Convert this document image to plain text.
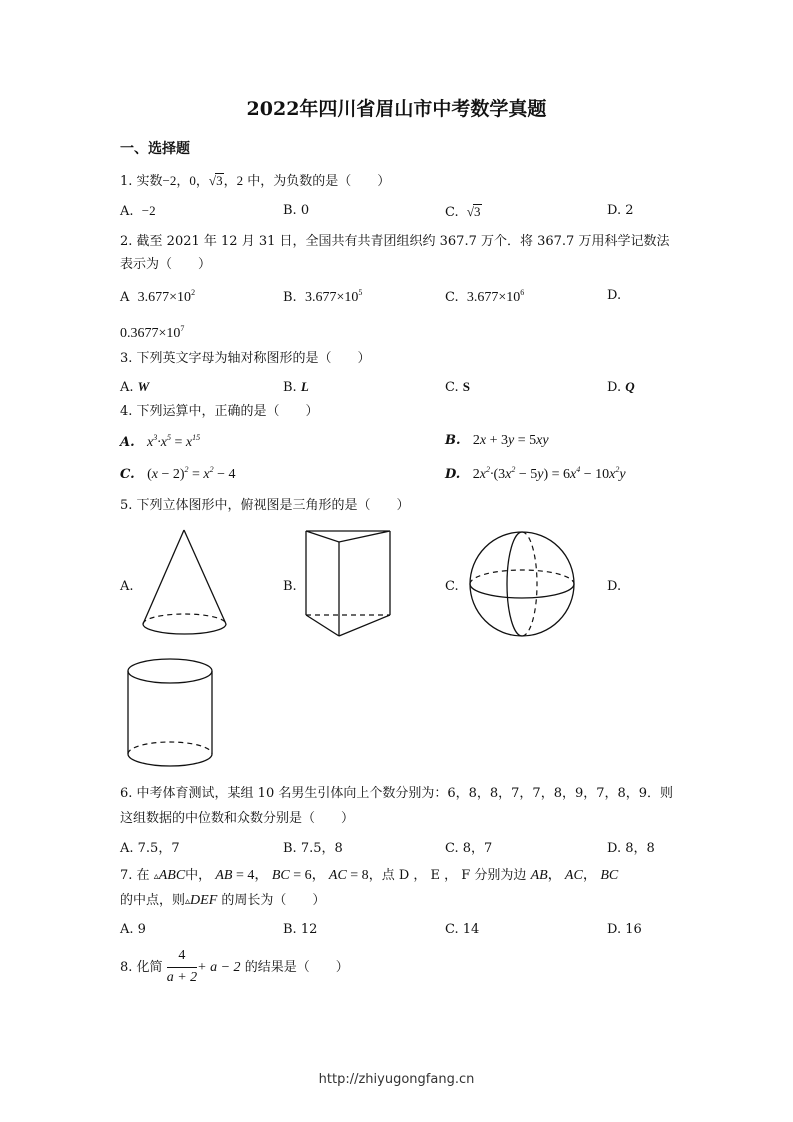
2022年四川省眉山市中考数学真题
一、选择题
1. 实数−2，0，√3，2 中，为负数的是（　　）
A. −2	B. 0	C. √3	D. 2
2. 截至 2021 年 12 月 31 日，全国共有共青团组织约 367.7 万个．将 367.7 万用科学记数法
表示为（　　）
A $3.677\times 10^2$	B. $3.677\times 10^5$	C. $3.677\times 10^6$	D.
$0.3677\times 10^7$
3. 下列英文字母为轴对称图形的是（　　）
A. W	B. L	C. S	D. Q
4. 下列运算中，正确的是（　　）
A. $x^3\cdot x^5 = x^{15}$	B. 2x + 3y = 5xy
C. $(x - 2)^2 = x^2 - 4$	D. $2x^2\cdot(3x^2 - 5y) = 6x^4 - 10x^2y$
5. 下列立体图形中，俯视图是三角形的是（　　）
A.	B.	C.	D.
6. 中考体育测试，某组 10 名男生引体向上个数分别为：6，8，8，7，7，8，9，7，8，9．则
这组数据的中位数和众数分别是（　　）
A. 7.5，7	B. 7.5，8	C. 8，7	D. 8，8
7. 在 ▵ABC中， AB = 4， BC = 6， AC = 8，点 D ， E ， F 分别为边 AB， AC， BC
的中点，则▵DEF 的周长为（　　）
A. 9	B. 12	C. 14	D. 16
8. 化简 $\frac{4}{a + 2} + a - 2$ 的结果是（　　）
http://zhiyugongfang.cn
